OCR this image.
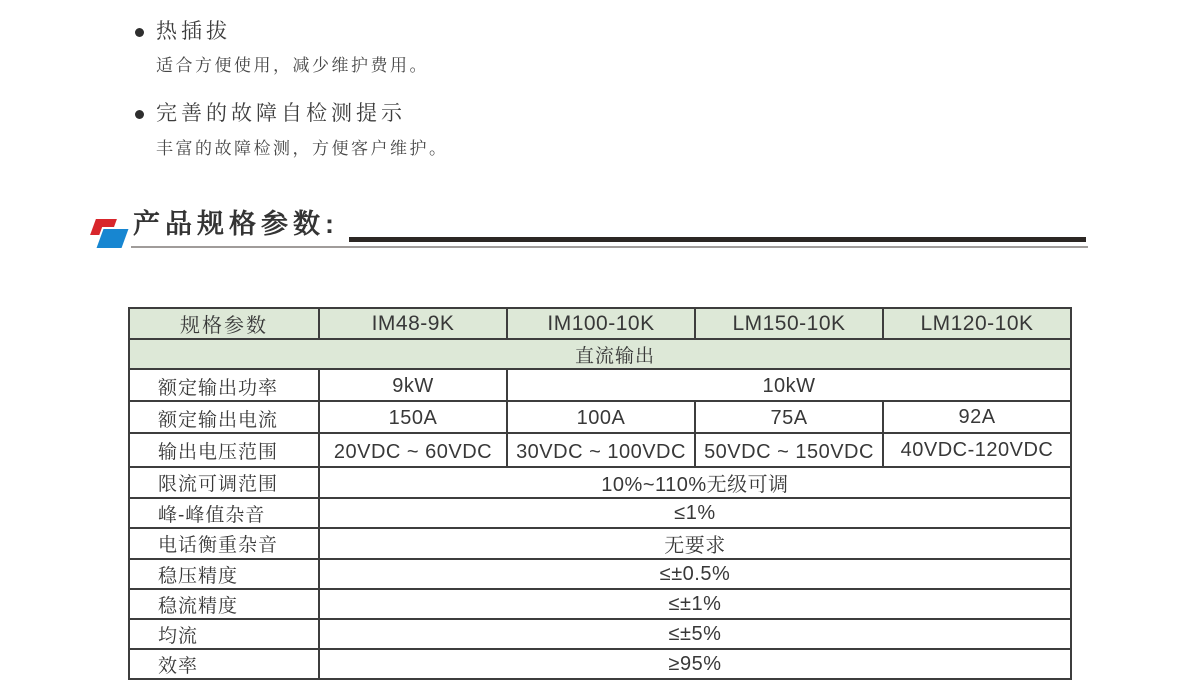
热插拔
适合方便使用，减少维护费用。
完善的故障自检测提示
丰富的故障检测，方便客户维护。
产品规格参数:
规格参数	IM48-9K	IM100-10K	LM150-10K	LM120-10K
直流输出				
额定输出功率	9kW	10kW		
额定输出电流	150A	100A	75A	92A
输出电压范围	20VDC ~ 60VDC	30VDC ~ 100VDC	50VDC ~ 150VDC	40VDC-120VDC
限流可调范围	10%~110%无级可调			
峰-峰值杂音	≤1%			
电话衡重杂音	无要求			
稳压精度	≤±0.5%			
稳流精度	≤±1%			
均流	≤±5%			
效率	≥95%			
